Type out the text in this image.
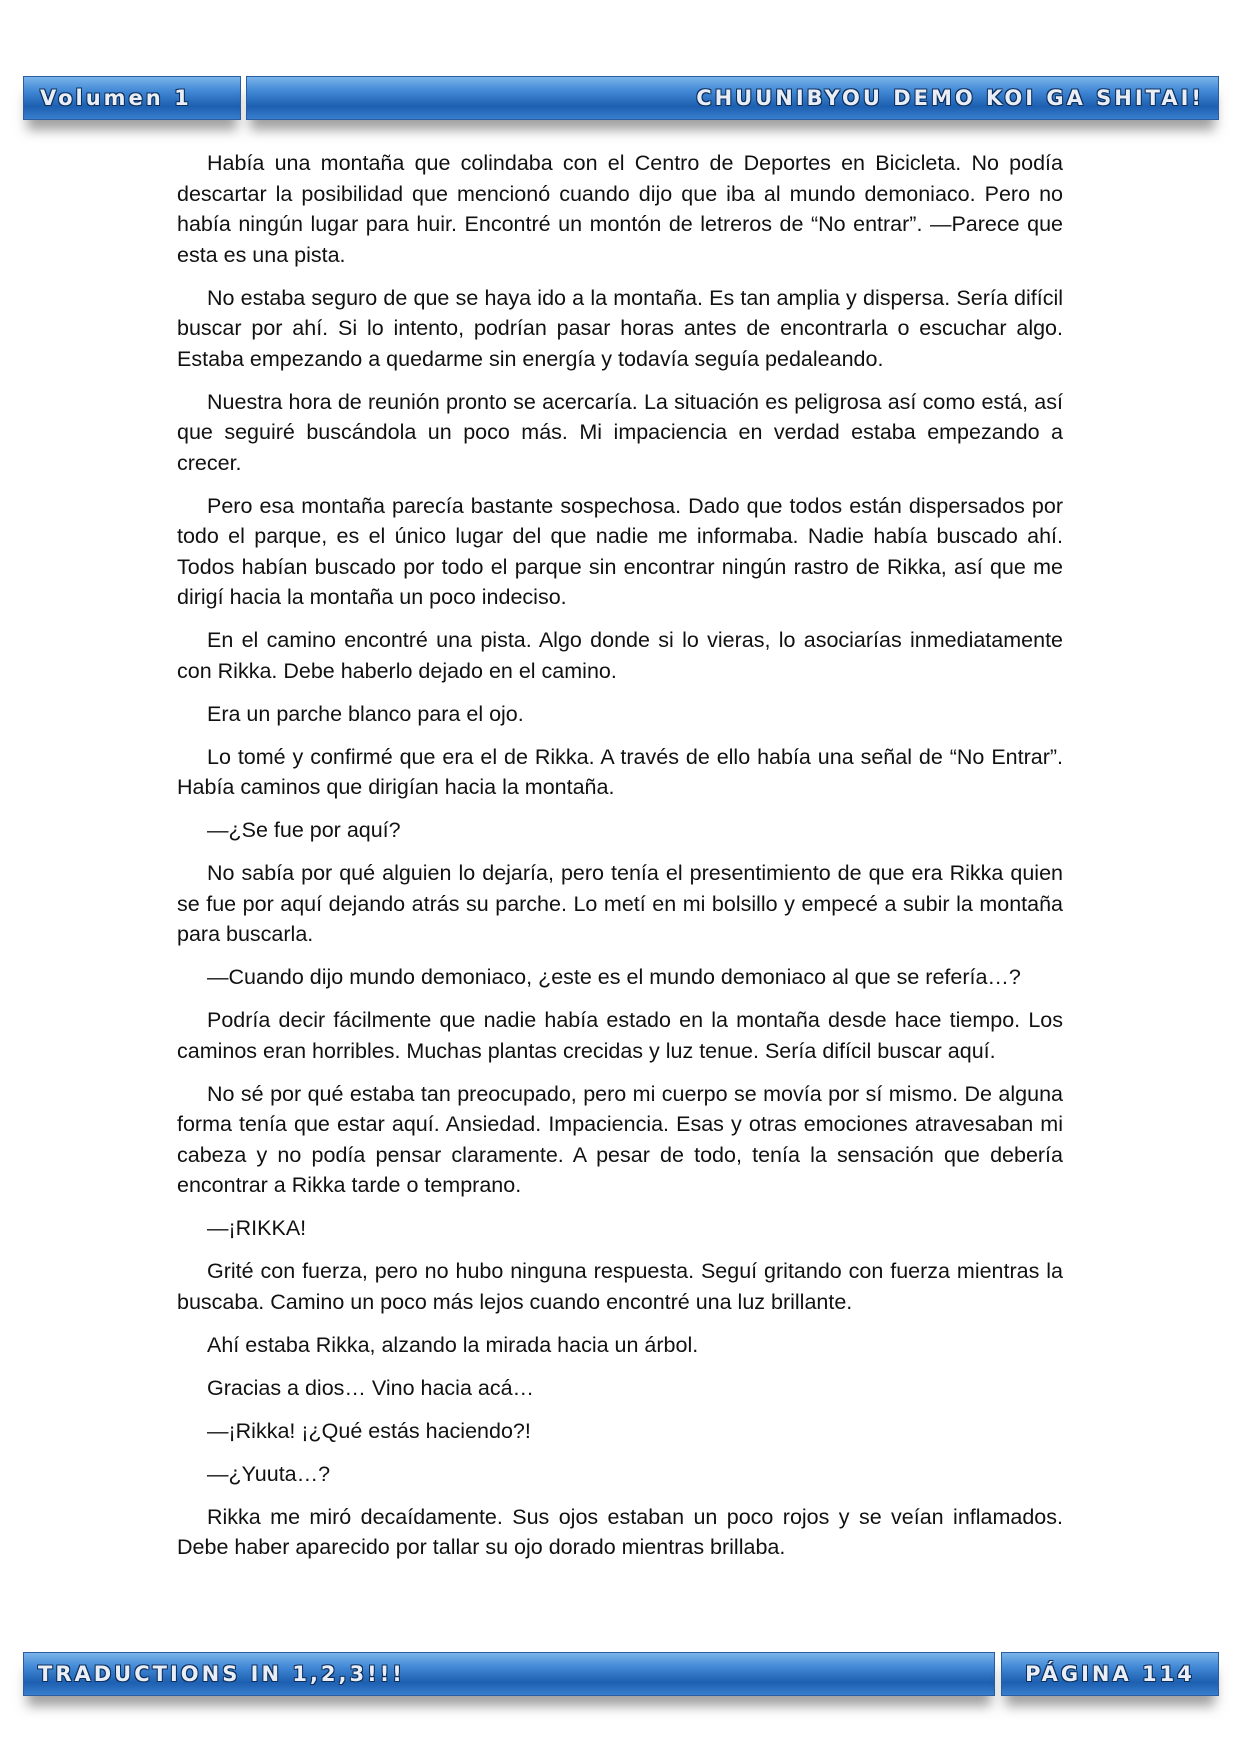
Volumen 1	CHUUNIBYOU DEMO KOI GA SHITAI!

Había una montaña que colindaba con el Centro de Deportes en Bicicleta. No podía descartar la posibilidad que mencionó cuando dijo que iba al mundo demoniaco. Pero no había ningún lugar para huir. Encontré un montón de letreros de “No entrar”. —Parece que esta es una pista.

No estaba seguro de que se haya ido a la montaña. Es tan amplia y dispersa. Sería difícil buscar por ahí. Si lo intento, podrían pasar horas antes de encontrarla o escuchar algo. Estaba empezando a quedarme sin energía y todavía seguía pedaleando.

Nuestra hora de reunión pronto se acercaría. La situación es peligrosa así como está, así que seguiré buscándola un poco más. Mi impaciencia en verdad estaba empezando a crecer.

Pero esa montaña parecía bastante sospechosa. Dado que todos están dispersados por todo el parque, es el único lugar del que nadie me informaba. Nadie había buscado ahí. Todos habían buscado por todo el parque sin encontrar ningún rastro de Rikka, así que me dirigí hacia la montaña un poco indeciso.

En el camino encontré una pista. Algo donde si lo vieras, lo asociarías inmediatamente con Rikka. Debe haberlo dejado en el camino.

Era un parche blanco para el ojo.

Lo tomé y confirmé que era el de Rikka. A través de ello había una señal de “No Entrar”. Había caminos que dirigían hacia la montaña.

—¿Se fue por aquí?

No sabía por qué alguien lo dejaría, pero tenía el presentimiento de que era Rikka quien se fue por aquí dejando atrás su parche. Lo metí en mi bolsillo y empecé a subir la montaña para buscarla.

—Cuando dijo mundo demoniaco, ¿este es el mundo demoniaco al que se refería…?

Podría decir fácilmente que nadie había estado en la montaña desde hace tiempo. Los caminos eran horribles. Muchas plantas crecidas y luz tenue. Sería difícil buscar aquí.

No sé por qué estaba tan preocupado, pero mi cuerpo se movía por sí mismo. De alguna forma tenía que estar aquí. Ansiedad. Impaciencia. Esas y otras emociones atravesaban mi cabeza y no podía pensar claramente. A pesar de todo, tenía la sensación que debería encontrar a Rikka tarde o temprano.

—¡RIKKA!

Grité con fuerza, pero no hubo ninguna respuesta. Seguí gritando con fuerza mientras la buscaba. Camino un poco más lejos cuando encontré una luz brillante.

Ahí estaba Rikka, alzando la mirada hacia un árbol.

Gracias a dios… Vino hacia acá…

—¡Rikka! ¡¿Qué estás haciendo?!

—¿Yuuta…?

Rikka me miró decaídamente. Sus ojos estaban un poco rojos y se veían inflamados. Debe haber aparecido por tallar su ojo dorado mientras brillaba.

TRADUCTIONS IN 1,2,3!!!	PÁGINA 114
